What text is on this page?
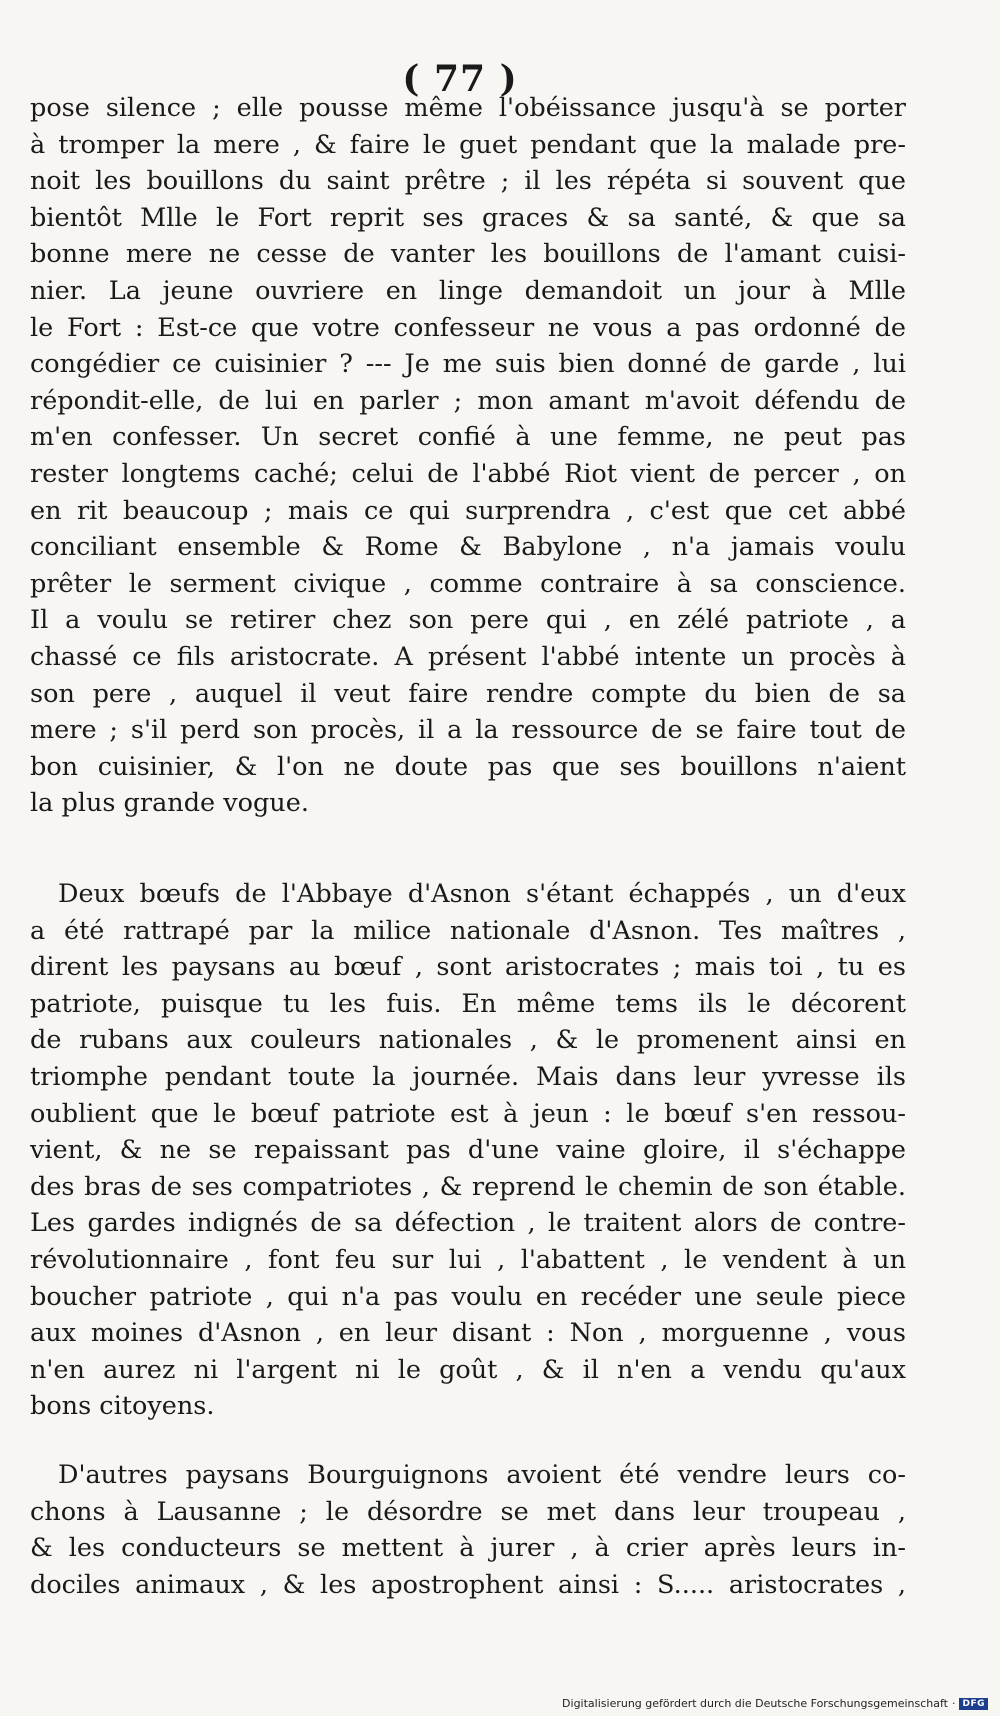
( 77 )
pose silence ; elle pousse même l'obéissance jusqu'à se porter
à tromper la mere , & faire le guet pendant que la malade pre-
noit les bouillons du saint prêtre ; il les répéta si souvent que
bientôt Mlle le Fort reprit ses graces & sa santé, & que sa
bonne mere ne cesse de vanter les bouillons de l'amant cuisi-
nier. La jeune ouvriere en linge demandoit un jour à Mlle
le Fort : Est-ce que votre confesseur ne vous a pas ordonné de
congédier ce cuisinier ? --- Je me suis bien donné de garde , lui
répondit-elle, de lui en parler ; mon amant m'avoit défendu de
m'en confesser. Un secret confié à une femme, ne peut pas
rester longtems caché; celui de l'abbé Riot vient de percer , on
en rit beaucoup ; mais ce qui surprendra , c'est que cet abbé
conciliant ensemble & Rome & Babylone , n'a jamais voulu
prêter le serment civique , comme contraire à sa conscience.
Il a voulu se retirer chez son pere qui , en zélé patriote , a
chassé ce fils aristocrate. A présent l'abbé intente un procès à
son pere , auquel il veut faire rendre compte du bien de sa
mere ; s'il perd son procès, il a la ressource de se faire tout de
bon cuisinier, & l'on ne doute pas que ses bouillons n'aient
la plus grande vogue.
Deux bœufs de l'Abbaye d'Asnon s'étant échappés , un d'eux
a été rattrapé par la milice nationale d'Asnon. Tes maîtres ,
dirent les paysans au bœuf , sont aristocrates ; mais toi , tu es
patriote, puisque tu les fuis. En même tems ils le décorent
de rubans aux couleurs nationales , & le promenent ainsi en
triomphe pendant toute la journée. Mais dans leur yvresse ils
oublient que le bœuf patriote est à jeun : le bœuf s'en ressou-
vient, & ne se repaissant pas d'une vaine gloire, il s'échappe
des bras de ses compatriotes , & reprend le chemin de son étable.
Les gardes indignés de sa défection , le traitent alors de contre-
révolutionnaire , font feu sur lui , l'abattent , le vendent à un
boucher patriote , qui n'a pas voulu en recéder une seule piece
aux moines d'Asnon , en leur disant : Non , morguenne , vous
n'en aurez ni l'argent ni le goût , & il n'en a vendu qu'aux
bons citoyens.
D'autres paysans Bourguignons avoient été vendre leurs co-
chons à Lausanne ; le désordre se met dans leur troupeau ,
& les conducteurs se mettent à jurer , à crier après leurs in-
dociles animaux , & les apostrophent ainsi : S..... aristocrates ,
Digitalisierung gefördert durch die Deutsche Forschungsgemeinschaft · DFG
